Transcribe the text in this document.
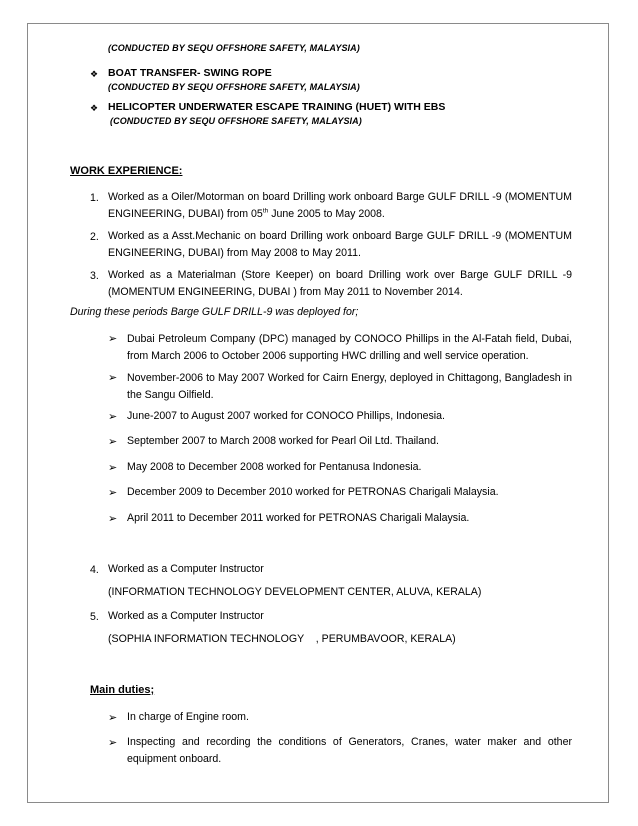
(CONDUCTED BY SEQU OFFSHORE SAFETY, MALAYSIA)
❖ BOAT TRANSFER- SWING ROPE
(CONDUCTED BY SEQU OFFSHORE SAFETY, MALAYSIA)
❖ HELICOPTER UNDERWATER ESCAPE TRAINING (HUET) WITH EBS
(CONDUCTED BY SEQU OFFSHORE SAFETY, MALAYSIA)
WORK EXPERIENCE:
1. Worked as a Oiler/Motorman on board Drilling work onboard Barge GULF DRILL -9 (MOMENTUM ENGINEERING, DUBAI) from 05th June 2005 to May 2008.
2. Worked as a Asst.Mechanic on board Drilling work onboard Barge GULF DRILL -9 (MOMENTUM ENGINEERING, DUBAI) from May 2008 to May 2011.
3. Worked as a Materialman (Store Keeper) on board Drilling work over Barge GULF DRILL -9 (MOMENTUM ENGINEERING, DUBAI ) from May 2011 to November 2014.
During these periods Barge GULF DRILL-9 was deployed for;
➢ Dubai Petroleum Company (DPC) managed by CONOCO Phillips in the Al-Fatah field, Dubai, from March 2006 to October 2006 supporting HWC drilling and well service operation.
➢ November-2006 to May 2007 Worked for Cairn Energy, deployed in Chittagong, Bangladesh in the Sangu Oilfield.
➢ June-2007 to August 2007 worked for CONOCO Phillips, Indonesia.
➢ September 2007 to March 2008 worked for Pearl Oil Ltd. Thailand.
➢ May 2008 to December 2008 worked for Pentanusa Indonesia.
➢ December 2009 to December 2010 worked for PETRONAS Charigali Malaysia.
➢ April 2011 to December 2011 worked for PETRONAS Charigali Malaysia.
4. Worked as a Computer Instructor
(INFORMATION TECHNOLOGY DEVELOPMENT CENTER, ALUVA, KERALA)
5. Worked as a Computer Instructor
(SOPHIA INFORMATION TECHNOLOGY    , PERUMBAVOOR, KERALA)
Main duties;
➢ In charge of Engine room.
➢ Inspecting and recording the conditions of Generators, Cranes, water maker and other equipment onboard.
